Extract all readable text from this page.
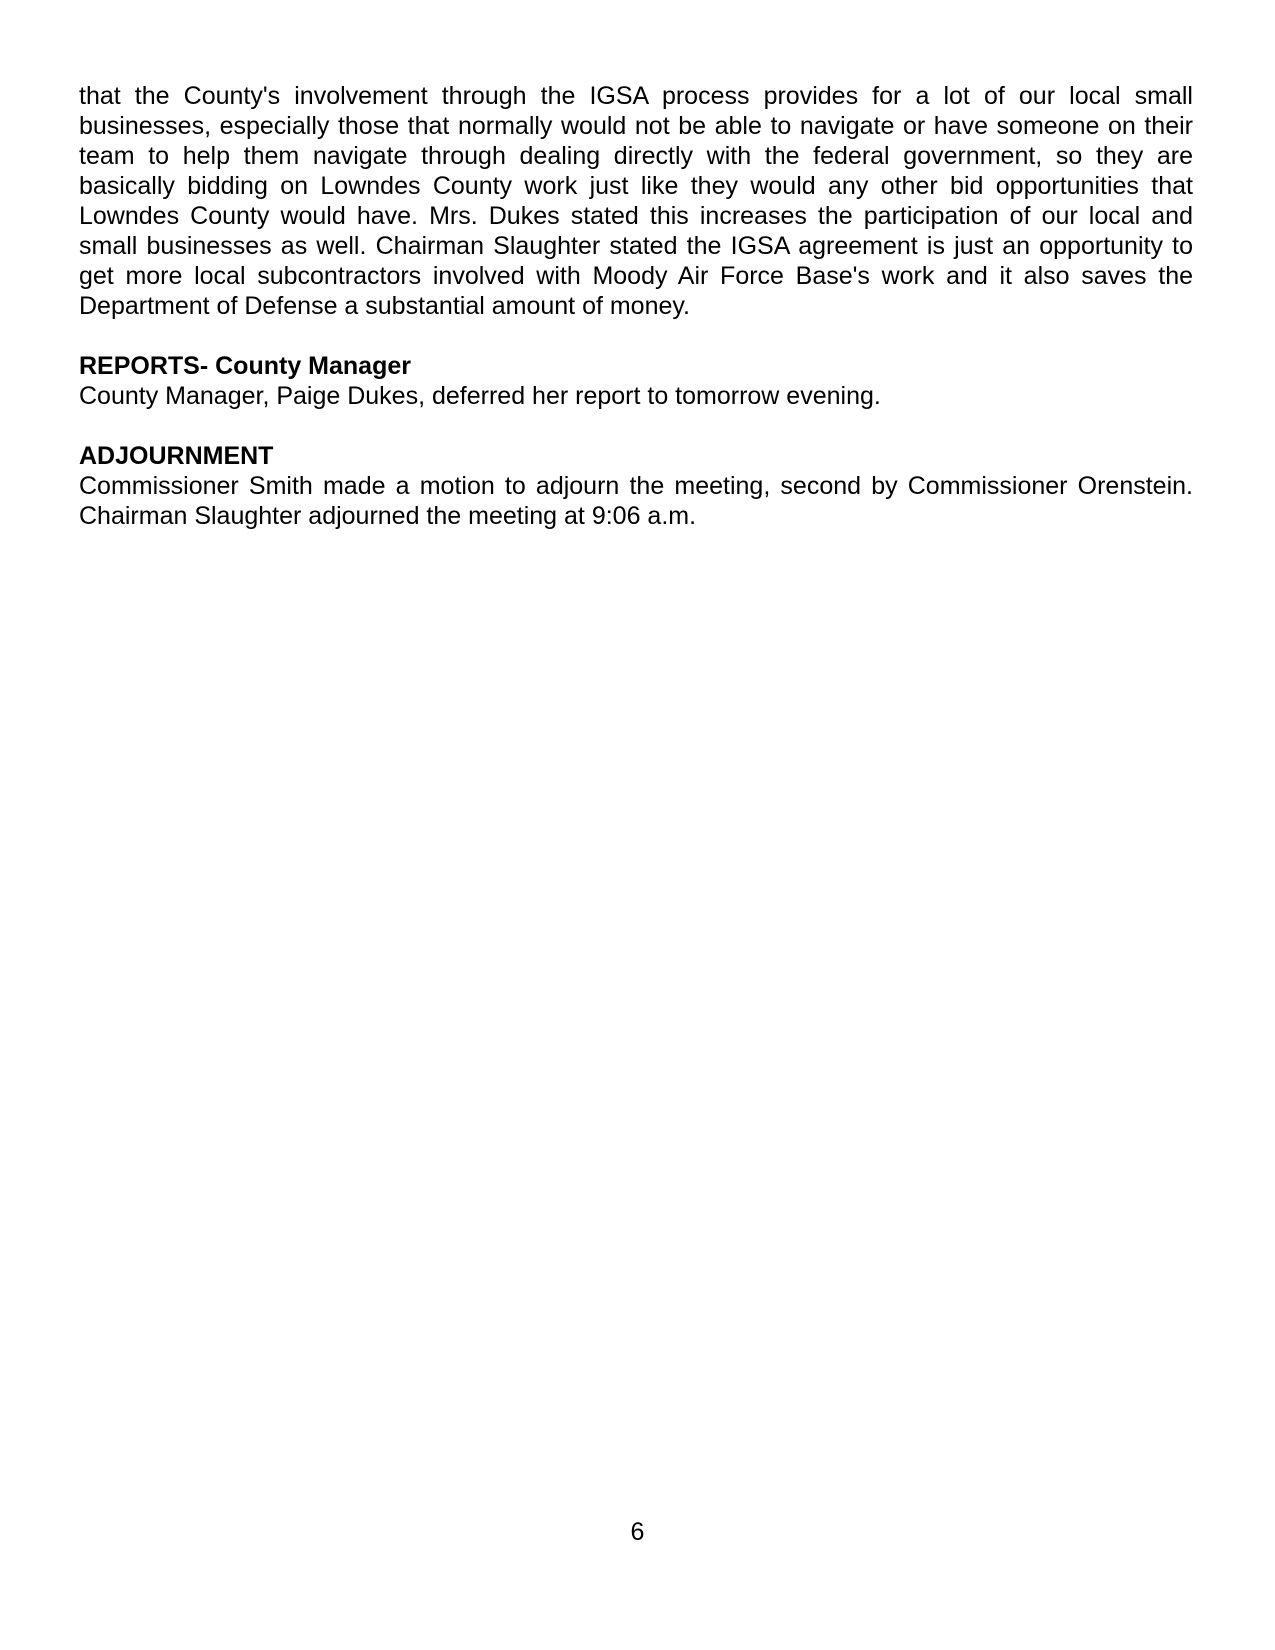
that the County's involvement through the IGSA process provides for a lot of our local small businesses, especially those that normally would not be able to navigate or have someone on their team to help them navigate through dealing directly with the federal government, so they are basically bidding on Lowndes County work just like they would any other bid opportunities that Lowndes County would have. Mrs. Dukes stated this increases the participation of our local and small businesses as well. Chairman Slaughter stated the IGSA agreement is just an opportunity to get more local subcontractors involved with Moody Air Force Base's work and it also saves the Department of Defense a substantial amount of money.
REPORTS- County Manager
County Manager, Paige Dukes, deferred her report to tomorrow evening.
ADJOURNMENT
Commissioner Smith made a motion to adjourn the meeting, second by Commissioner Orenstein. Chairman Slaughter adjourned the meeting at 9:06 a.m.
6
